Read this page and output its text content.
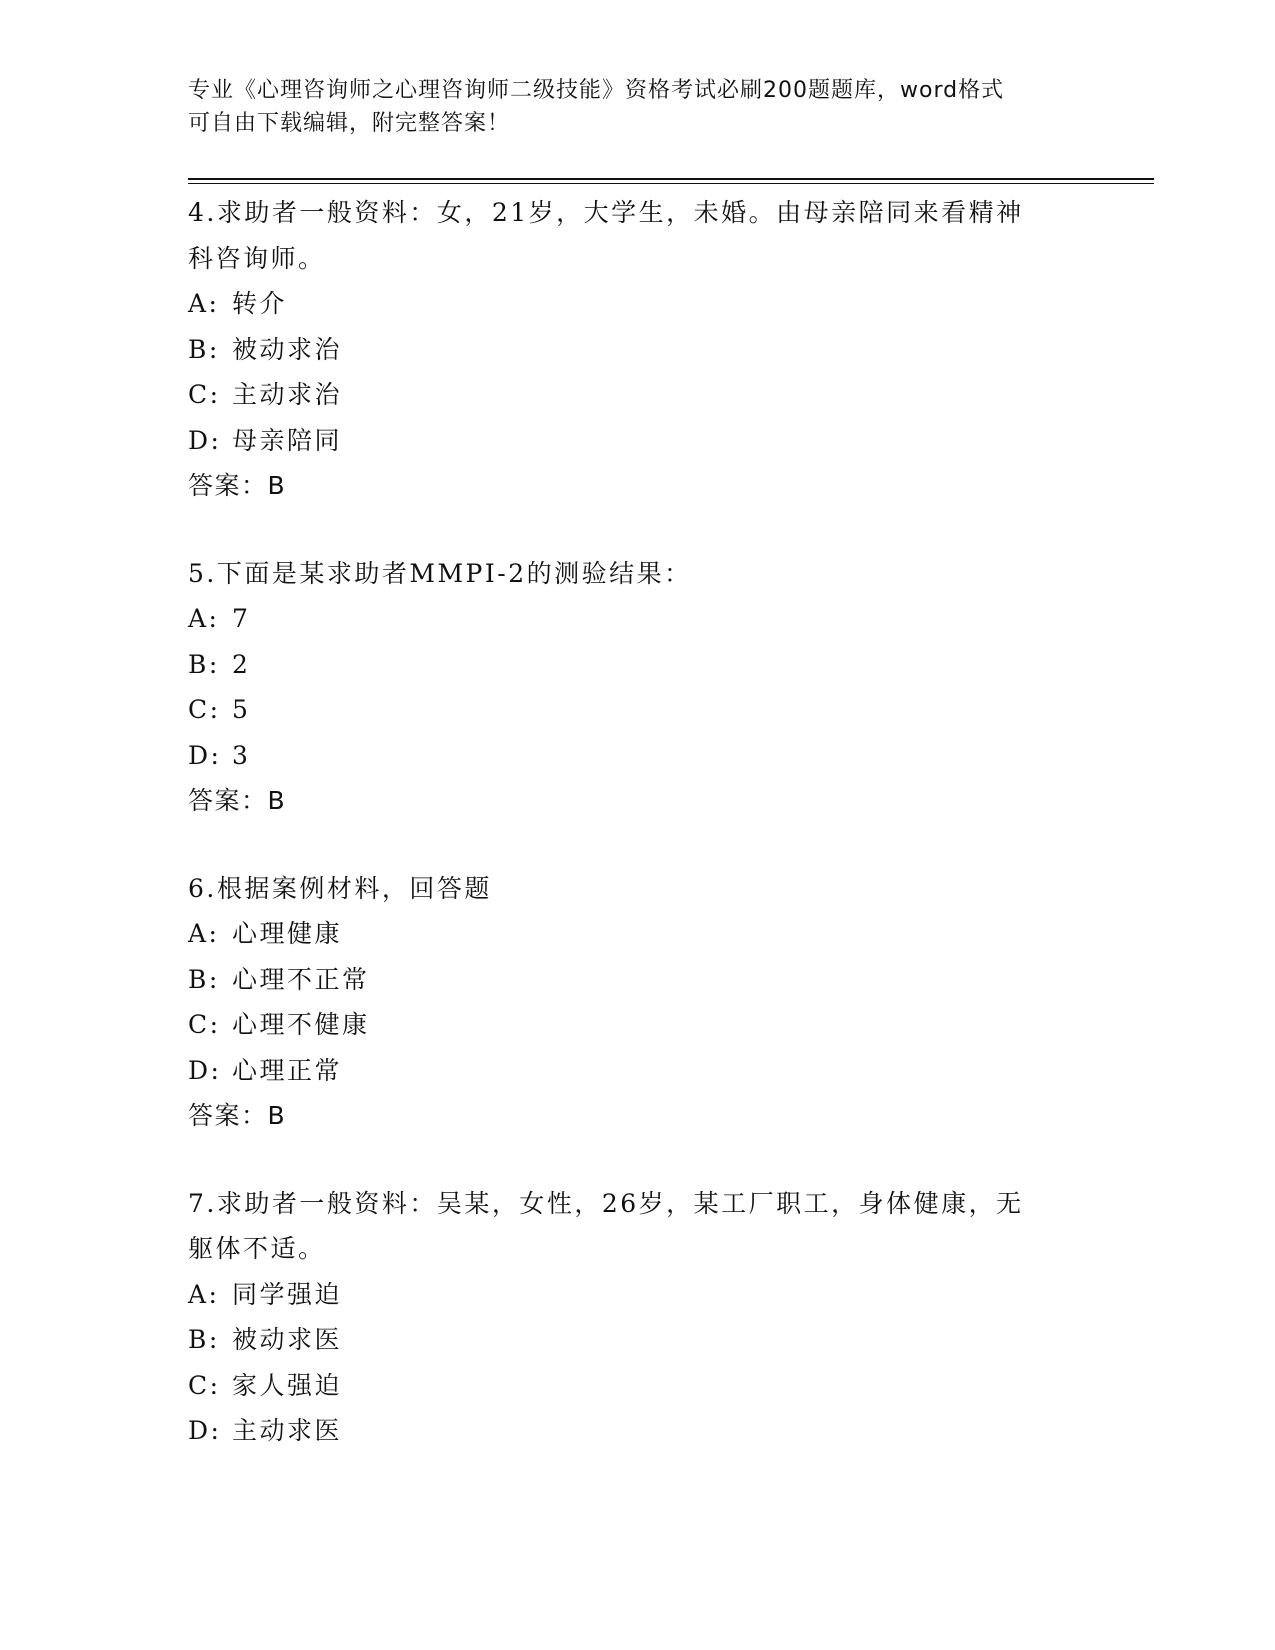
专业《心理咨询师之心理咨询师二级技能》资格考试必刷200题题库，word格式
可自由下载编辑，附完整答案！
4.求助者一般资料：女，21岁，大学生，未婚。由母亲陪同来看精神
科咨询师。
A: 转介
B: 被动求治
C: 主动求治
D: 母亲陪同
答案：B
5.下面是某求助者MMPI-2的测验结果：
A: 7
B: 2
C: 5
D: 3
答案：B
6.根据案例材料，回答题
A: 心理健康
B: 心理不正常
C: 心理不健康
D: 心理正常
答案：B
7.求助者一般资料：吴某，女性，26岁，某工厂职工，身体健康，无
躯体不适。
A: 同学强迫
B: 被动求医
C: 家人强迫
D: 主动求医
